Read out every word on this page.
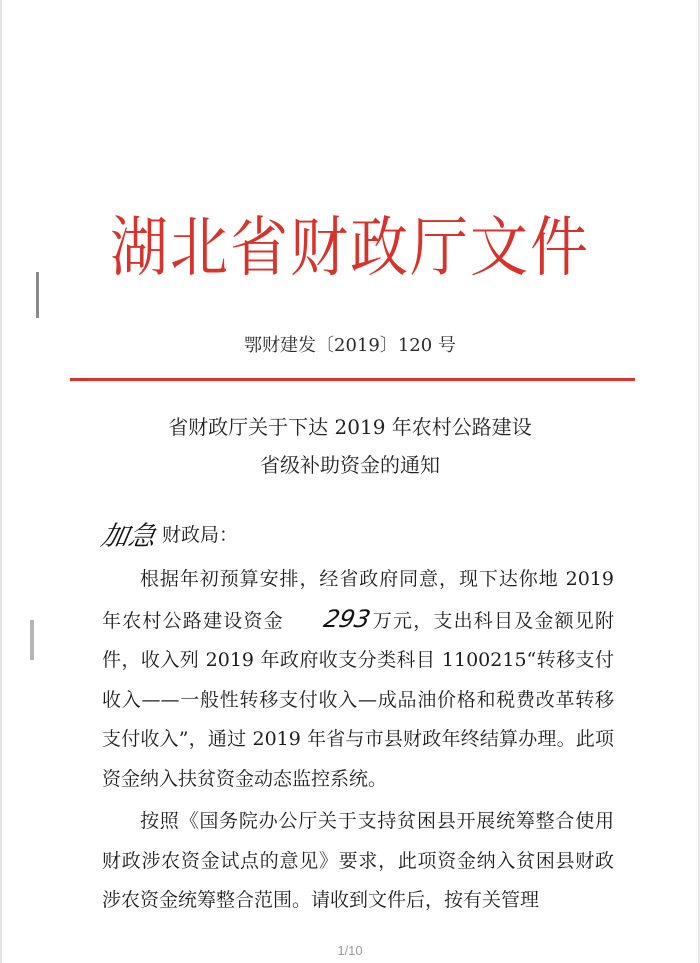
湖北省财政厅文件
鄂财建发〔2019〕120 号
省财政厅关于下达 2019 年农村公路建设
省级补助资金的通知
加急 财政局：

根据年初预算安排，经省政府同意，现下达你地 2019 年农村公路建设资金 293万元，支出科目及金额见附件，收入列 2019 年政府收支分类科目 1100215“转移支付收入——一般性转移支付收入—成品油价格和税费改革转移支付收入”，通过 2019 年省与市县财政年终结算办理。此项资金纳入扶贫资金动态监控系统。

按照《国务院办公厅关于支持贫困县开展统筹整合使用财政涉农资金试点的意见》要求，此项资金纳入贫困县财政涉农资金统筹整合范围。请收到文件后，按有关管理

1/10
